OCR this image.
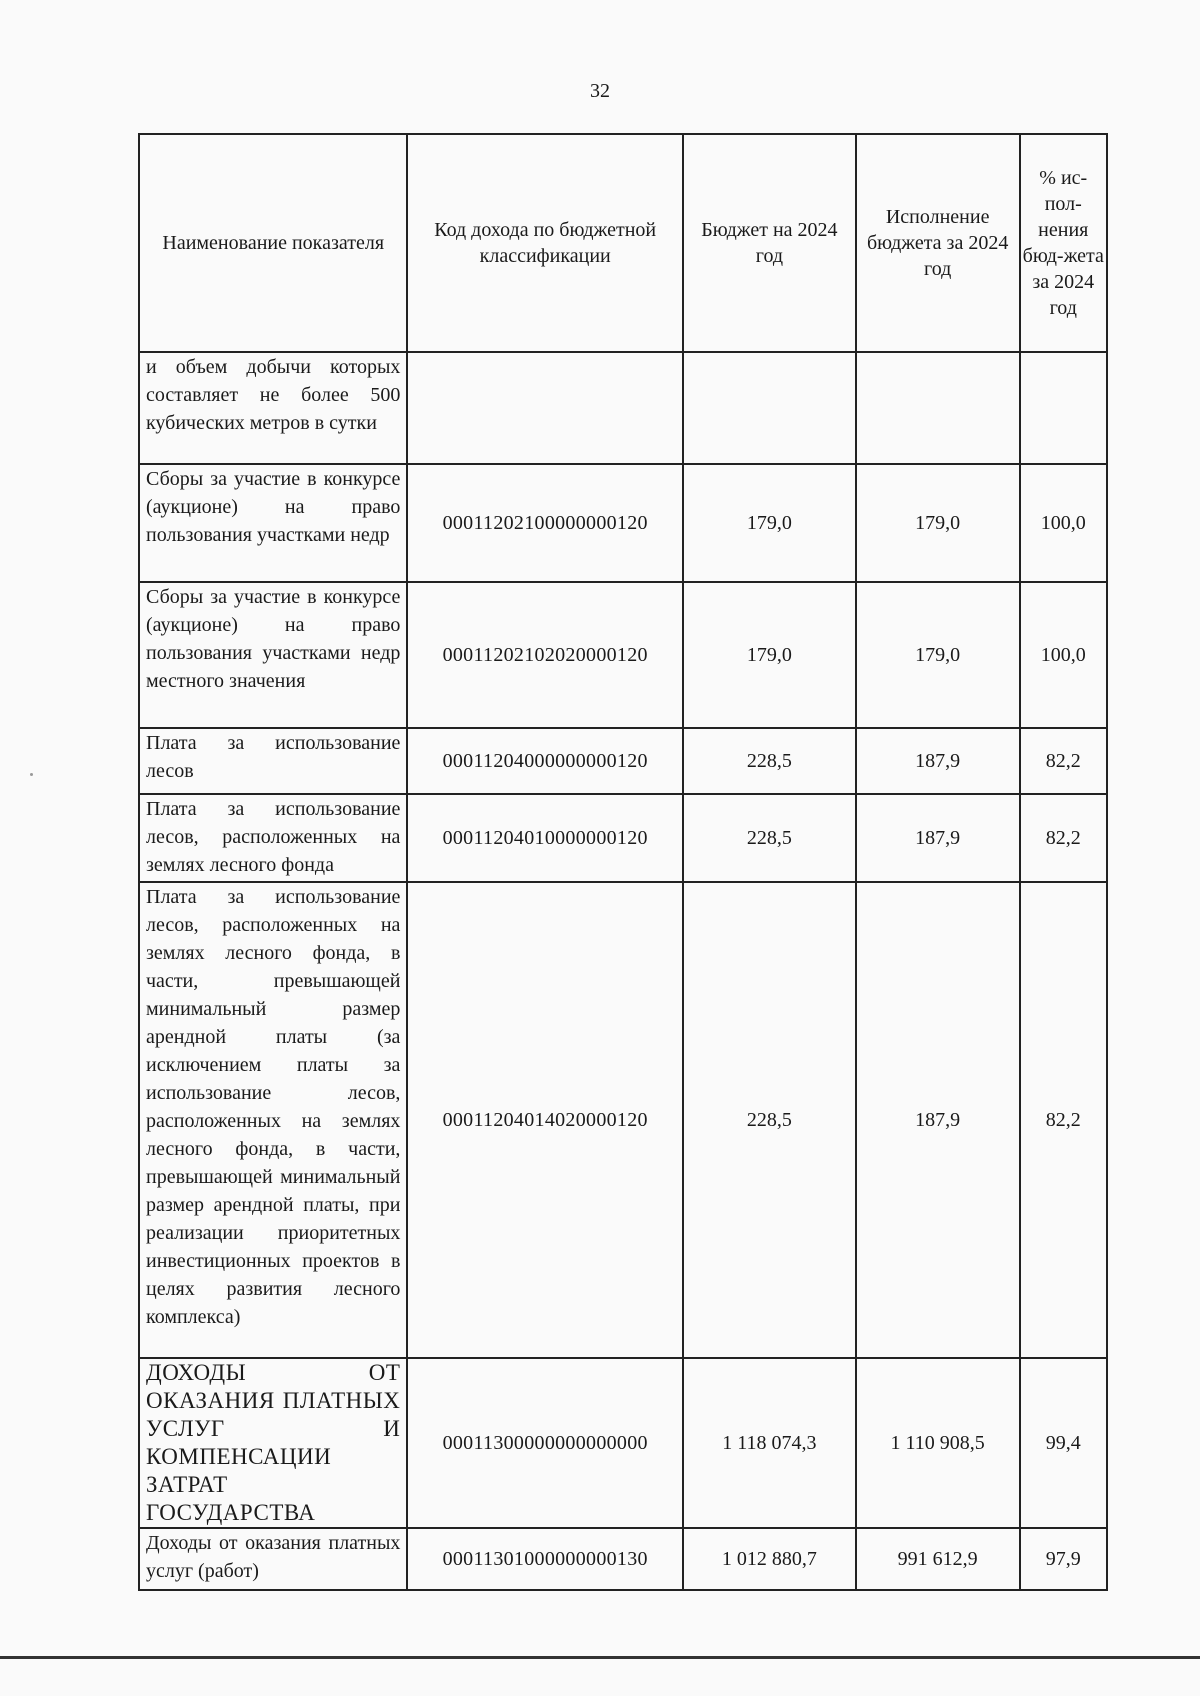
32
Наименование показателя	Код дохода по бюджетной классификации	Бюджет на 2024 год	Исполнение бюджета за 2024 год	% ис-пол-нения бюд-жета за 2024 год
и объем добычи которых составляет не более 500 кубических метров в сутки				
Сборы за участие в конкурсе (аукционе) на право пользования участками недр	00011202100000000120	179,0	179,0	100,0
Сборы за участие в конкурсе (аукционе) на право пользования участками недр местного значения	00011202102020000120	179,0	179,0	100,0
Плата за использование лесов	00011204000000000120	228,5	187,9	82,2
Плата за использование лесов, расположенных на землях лесного фонда	00011204010000000120	228,5	187,9	82,2
Плата за использование лесов, расположенных на землях лесного фонда, в части, превышающей минимальный размер арендной платы (за исключением платы за использование лесов, расположенных на землях лесного фонда, в части, превышающей минимальный размер арендной платы, при реализации приоритетных инвестиционных проектов в целях развития лесного комплекса)	00011204014020000120	228,5	187,9	82,2
ДОХОДЫ ОТ ОКАЗАНИЯ ПЛАТНЫХ УСЛУГ И КОМПЕНСАЦИИ ЗАТРАТ ГОСУДАРСТВА	00011300000000000000	1 118 074,3	1 110 908,5	99,4
Доходы от оказания платных услуг (работ)	00011301000000000130	1 012 880,7	991 612,9	97,9
